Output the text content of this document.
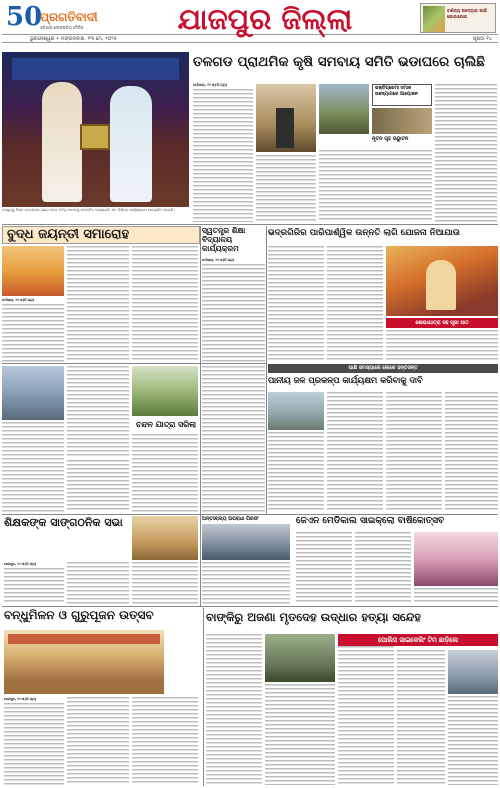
50
ପ୍ରଗତିବାଦୀ
ଓଡ଼ିଶାର ଲୋକପ୍ରିୟ ଦୈନିକ
ଭୁବନେଶ୍ୱର • ମଙ୍ଗଳବାର, ୧୩ ମେ, ୨୦୨୫	ପୃଷ୍ଠା ୧୪
ଯାଜପୁର ଜିଲ୍ଲା	ବାଣିଜ୍ୟ ଉଦ୍ୟୋଗ ପାଇଁ ଯୋଗାଯୋଗ
ବନ୍ଧୁତ୍ୱ ମିଳନ ଉତ୍ସବରେ ଯୋଗ ଦେଇ ଅତିଥି ମାନଙ୍କୁ ସମ୍ମାନିତ କରାଯାଇଛି ଏବଂ ବିଭିନ୍ନ କାର୍ଯ୍ୟକ୍ରମ ଆୟୋଜିତ ହୋଇଛି।
ତଳଗଡ ପ୍ରାଥମିକ କୃଷି ସମବାୟ ସମିତି ଭଡାଘରେ ଚାଲିଛି
ଧର୍ମଶାଳା, ୧୨।୫(ନି.ପ୍ର)
ଭକ୍ତିପ୍ରେମୀ ସମାଜ ଉଦ୍ୟୋଗରେ ଆୟୋଜନ
ନୂତନ ଗୃହ ଉଦ୍ଘାଟନ
ବୁଦ୍ଧ ଜୟନ୍ତୀ ସମାରୋହ
ଧର୍ମଶାଳା, ୧୨।୫(ନି.ପ୍ର)
ସ୍ୱତନ୍ତ୍ର ଶିକ୍ଷା ବିଦ୍ୟାଳୟ କାର୍ଯ୍ୟକ୍ରମ
ଧର୍ମଶାଳା, ୧୨।୫(ନି.ପ୍ର)
ଭଦ୍ରଗିରିର ପାରିପାର୍ଶ୍ୱିକ ଉନ୍ନତି ଲାଗି ଯୋଜନା ନିଆଯାଉ
ଶୋଭାଯାତ୍ରା ସହ ପୂଜା ପାଠ
ପାଣି ସମସ୍ୟାରେ ଲୋକେ ହନ୍ତସନ୍ତ
ଚନ୍ଦନ ଯାତ୍ରା ସରିଲା
ପାନୀୟ ଜଳ ପ୍ରକଳ୍ପ କାର୍ଯ୍ୟକ୍ଷମ କରିବାକୁ ଦାବି
ଶିକ୍ଷକଙ୍କ ସାଙ୍ଗଠନିକ ସଭା
ଯାଜପୁର, ୧୨।୫(ନି.ପ୍ର)
ଅନ୍ତଃରାଜ୍ୟ ଅପରାଧୀ ଗିରଫ	ଜେଏନ ମେଡିକାଲ ସାଇକ୍ଲୋ ବାର୍ଷିକୋତ୍ସବ
ବନ୍ଧୁମିଳନ ଓ ଗୁରୁପୂଜନ ଉତ୍ସବ
ଯାଜପୁର, ୧୨।୫(ନି.ପ୍ର)
ବାଙ୍କିରୁ ଅଜଣା ମୃତଦେହ ଉଦ୍ଧାର ହତ୍ୟା ସନ୍ଦେହ
ପୋଲିସ ସାଇକେଲିଂ ଟିମ ଛାଡ଼ିଲେ
